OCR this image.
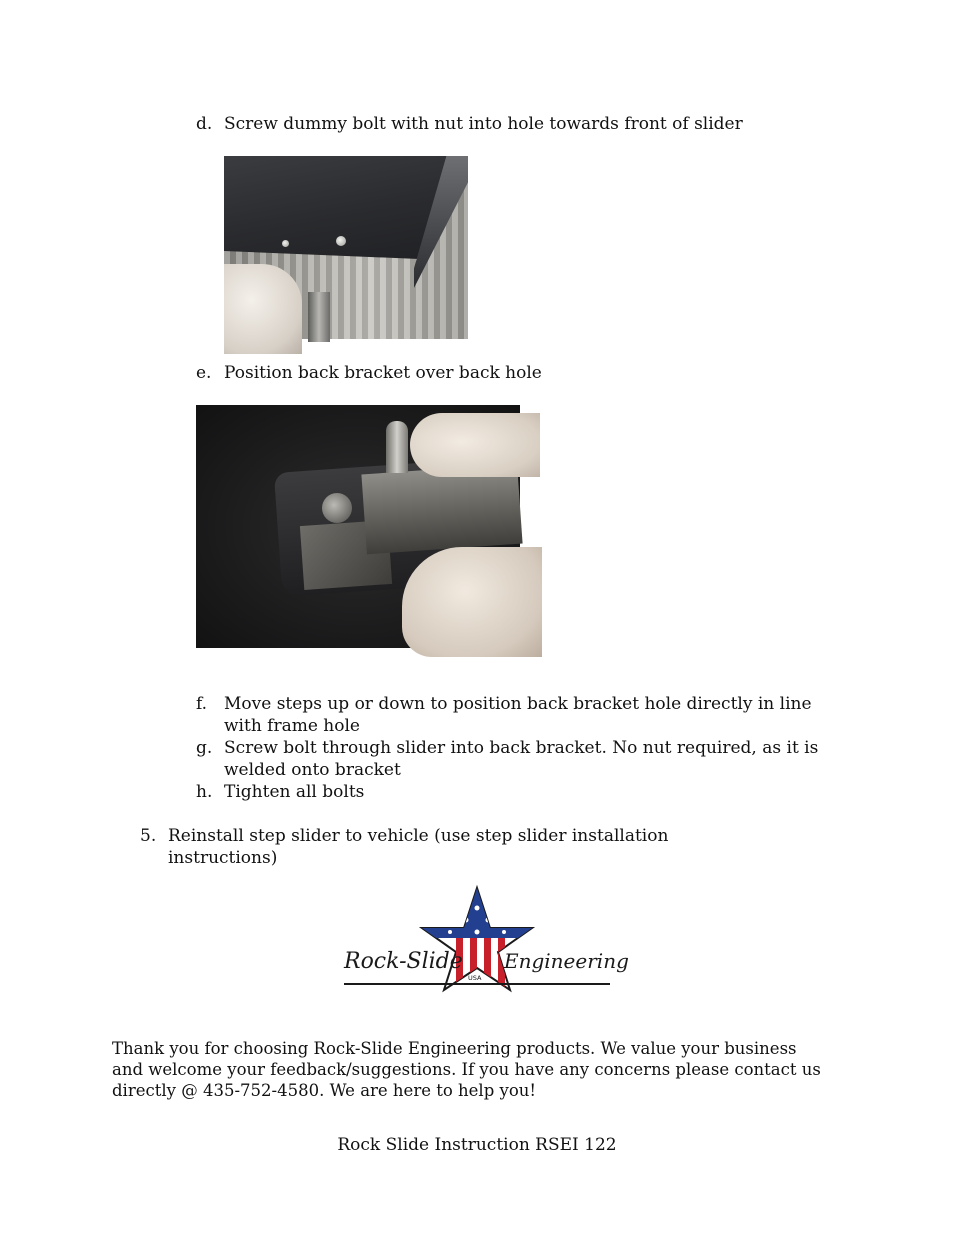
d. Screw dummy bolt with nut into hole towards front of slider
e. Position back bracket over back hole
f. Move steps up or down to position back bracket hole directly in line with frame hole
g. Screw bolt through slider into back bracket. No nut required, as it is welded onto bracket
h. Tighten all bolts
5. Reinstall step slider to vehicle (use step slider installation instructions)
Rock-Slide Engineering
USA
Thank you for choosing Rock-Slide Engineering products. We value your business and welcome your feedback/suggestions. If you have any concerns please contact us directly @ 435-752-4580. We are here to help you!
Rock Slide Instruction RSEI 122
